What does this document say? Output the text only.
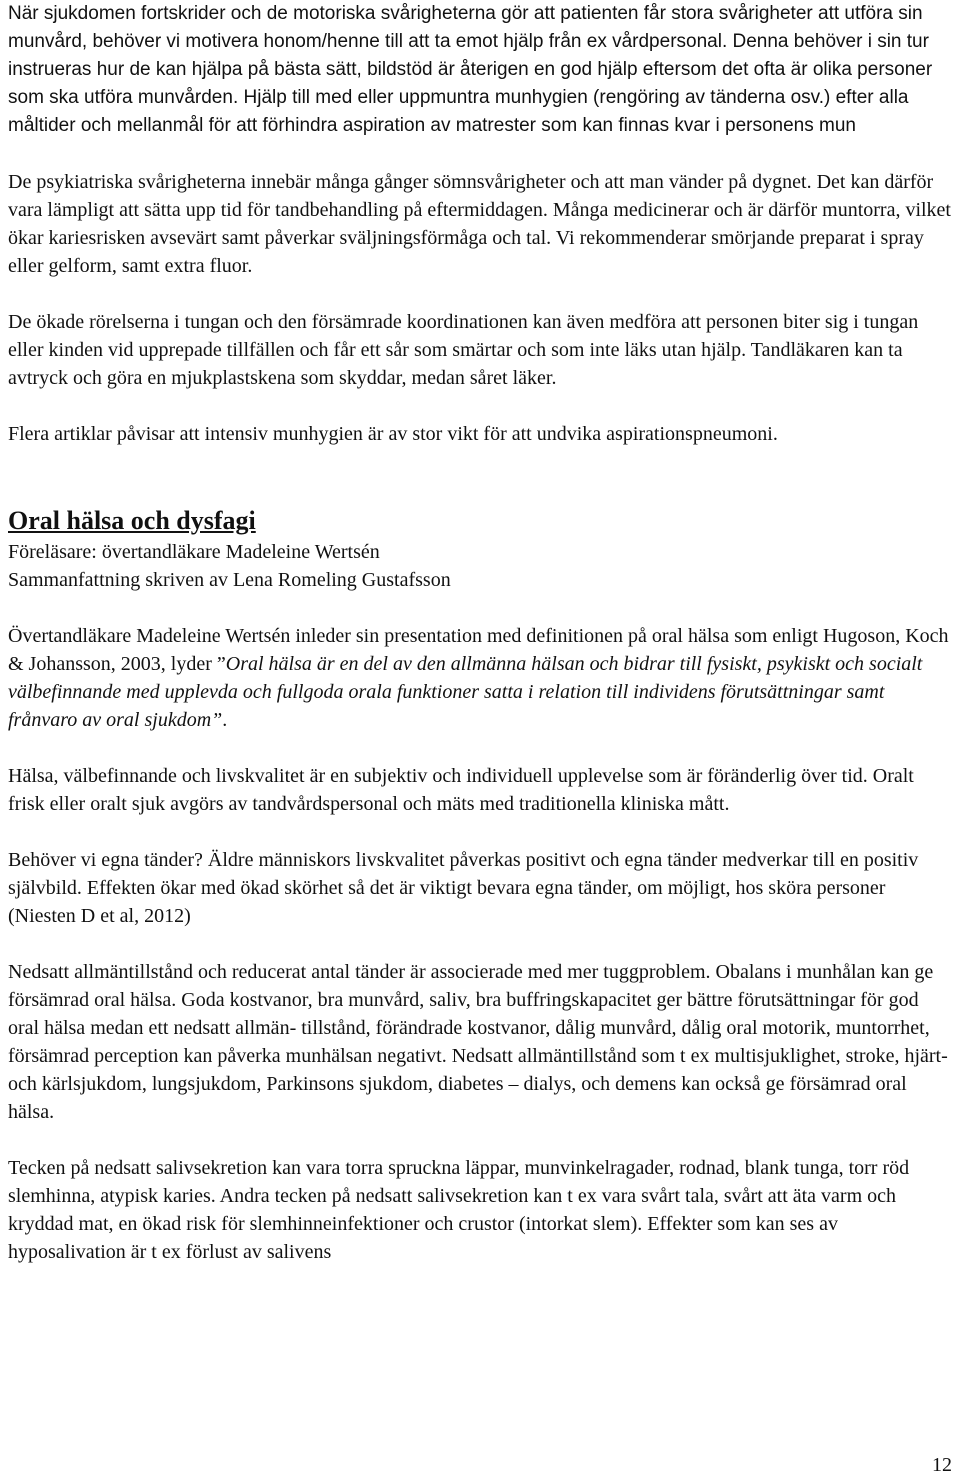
När sjukdomen fortskrider och de motoriska svårigheterna gör att patienten får stora svårigheter att utföra sin munvård, behöver vi motivera honom/henne till att ta emot hjälp från ex vårdpersonal. Denna behöver i sin tur instrueras hur de kan hjälpa på bästa sätt, bildstöd är återigen en god hjälp eftersom det ofta är olika personer som ska utföra munvården. Hjälp till med eller uppmuntra munhygien (rengöring av tänderna osv.) efter alla måltider och mellanmål för att förhindra aspiration av matrester som kan finnas kvar i personens mun

De psykiatriska svårigheterna innebär många gånger sömnsvårigheter och att man vänder på dygnet. Det kan därför vara lämpligt att sätta upp tid för tandbehandling på eftermiddagen. Många medicinerar och är därför muntorra, vilket ökar kariesrisken avsevärt samt påverkar sväljningsförmåga och tal. Vi rekommenderar smörjande preparat i spray eller gelform, samt extra fluor.

De ökade rörelserna i tungan och den försämrade koordinationen kan även medföra att personen biter sig i tungan eller kinden vid upprepade tillfällen och får ett sår som smärtar och som inte läks utan hjälp. Tandläkaren kan ta avtryck och göra en mjukplastskena som skyddar, medan såret läker.

Flera artiklar påvisar att intensiv munhygien är av stor vikt för att undvika aspirationspneumoni.

Oral hälsa och dysfagi

Föreläsare: övertandläkare Madeleine Wertsén

Sammanfattning skriven av Lena Romeling Gustafsson

Övertandläkare Madeleine Wertsén inleder sin presentation med definitionen på oral hälsa som enligt Hugoson, Koch & Johansson, 2003, lyder ”Oral hälsa är en del av den allmänna hälsan och bidrar till fysiskt, psykiskt och socialt välbefinnande med upplevda och fullgoda orala funktioner satta i relation till individens förutsättningar samt frånvaro av oral sjukdom”.

Hälsa, välbefinnande och livskvalitet är en subjektiv och individuell upplevelse som är föränderlig över tid. Oralt frisk eller oralt sjuk avgörs av tandvårdspersonal och mäts med traditionella kliniska mått.

Behöver vi egna tänder? Äldre människors livskvalitet påverkas positivt och egna tänder medverkar till en positiv självbild. Effekten ökar med ökad skörhet så det är viktigt bevara egna tänder, om möjligt, hos sköra personer (Niesten D et al, 2012)

Nedsatt allmäntillstånd och reducerat antal tänder är associerade med mer tuggproblem. Obalans i munhålan kan ge försämrad oral hälsa. Goda kostvanor, bra munvård, saliv, bra buffringskapacitet ger bättre förutsättningar för god oral hälsa medan ett nedsatt allmän- tillstånd, förändrade kostvanor, dålig munvård, dålig oral motorik, muntorrhet, försämrad perception kan påverka munhälsan negativt. Nedsatt allmäntillstånd som t ex multisjuklighet, stroke, hjärt- och kärlsjukdom, lungsjukdom, Parkinsons sjukdom, diabetes – dialys, och demens kan också ge försämrad oral hälsa.

Tecken på nedsatt salivsekretion kan vara torra spruckna läppar, munvinkelragader, rodnad, blank tunga, torr röd slemhinna, atypisk karies. Andra tecken på nedsatt salivsekretion kan t ex vara svårt tala, svårt att äta varm och kryddad mat, en ökad risk för slemhinneinfektioner och crustor (intorkat slem). Effekter som kan ses av hyposalivation är t ex förlust av salivens

12
